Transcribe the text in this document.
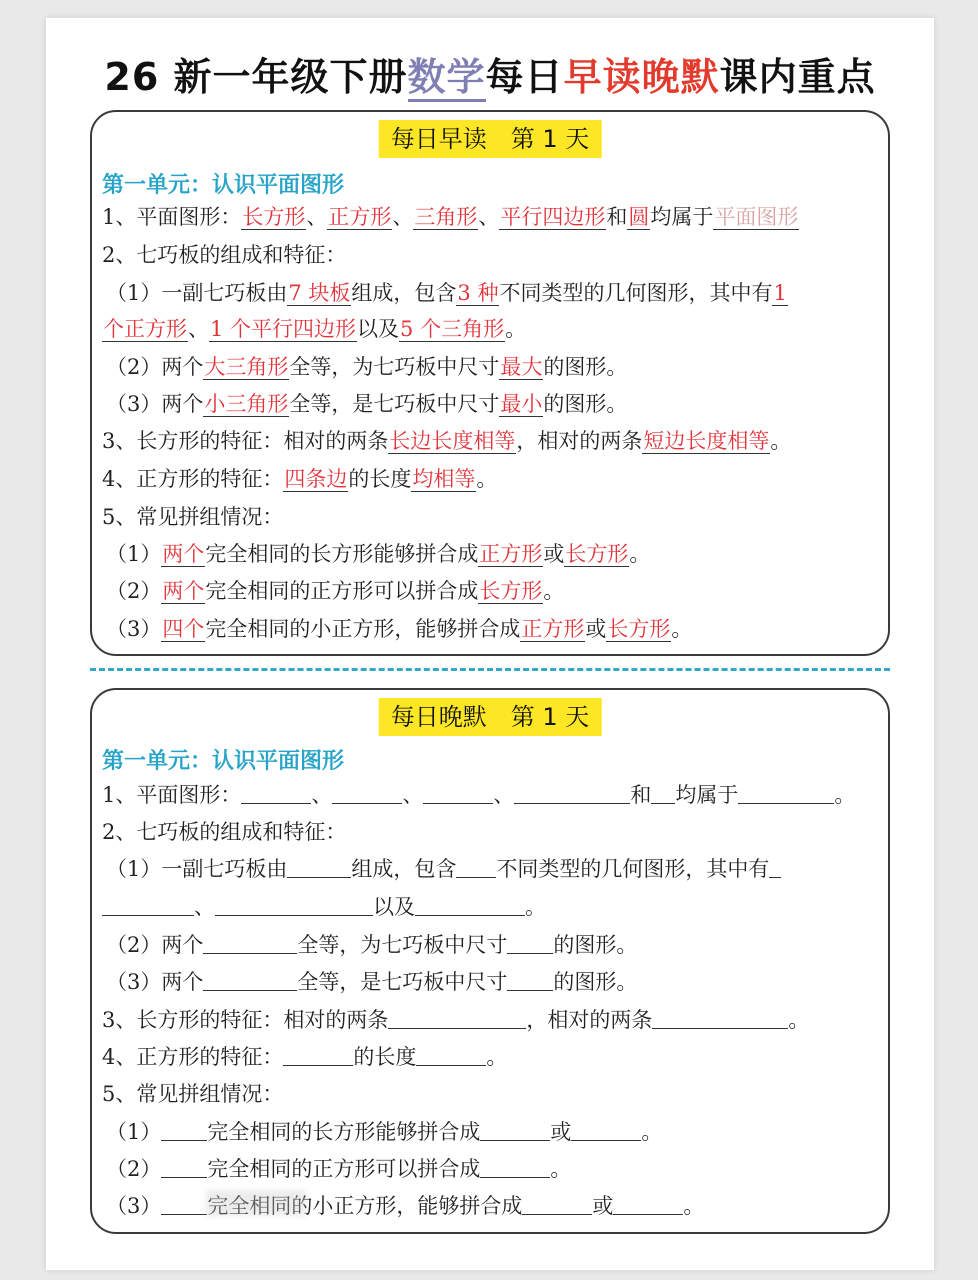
26 新一年级下册数学每日早读晚默课内重点
每日早读　第 1 天
第一单元：认识平面图形
1、平面图形：长方形、正方形、三角形、平行四边形和圆均属于平面图形
2、七巧板的组成和特征：
（1）一副七巧板由7 块板组成，包含3 种不同类型的几何图形，其中有1
个正方形、1 个平行四边形以及5 个三角形。
（2）两个大三角形全等，为七巧板中尺寸最大的图形。
（3）两个小三角形全等，是七巧板中尺寸最小的图形。
3、长方形的特征：相对的两条长边长度相等，相对的两条短边长度相等。
4、正方形的特征：四条边的长度均相等。
5、常见拼组情况：
（1）两个完全相同的长方形能够拼合成正方形或长方形。
（2）两个完全相同的正方形可以拼合成长方形。
（3）四个完全相同的小正方形，能够拼合成正方形或长方形。
每日晚默　第 1 天
第一单元：认识平面图形
1、平面图形：	、	、	、	和 均属于	。
2、七巧板的组成和特征：
（1）一副七巧板由	组成，包含 不同类型的几何图形，其中有
、	以及	。
（2）两个	全等，为七巧板中尺寸 的图形。
（3）两个	全等，是七巧板中尺寸 的图形。
3、长方形的特征：相对的两条	，相对的两条	。
4、正方形的特征：	的长度	。
5、常见拼组情况：
（1） 完全相同的长方形能够拼合成	或	。
（2） 完全相同的正方形可以拼合成	。
（3） 完全相同的小正方形，能够拼合成	或	。
